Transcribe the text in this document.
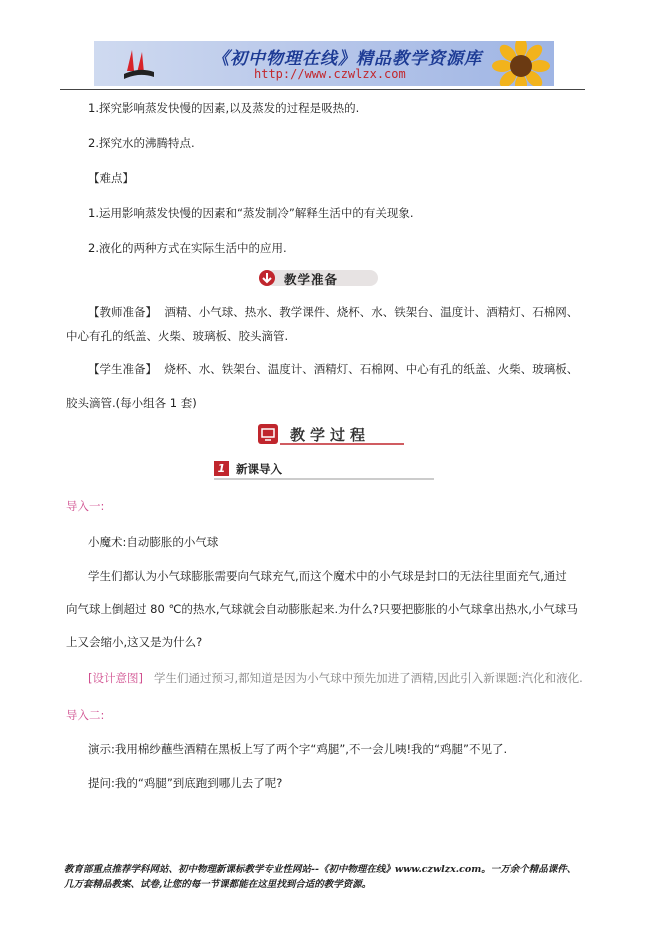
《初中物理在线》精品教学资源库
http://www.czwlzx.com
1.探究影响蒸发快慢的因素,以及蒸发的过程是吸热的.
2.探究水的沸腾特点.
【难点】
1.运用影响蒸发快慢的因素和“蒸发制冷”解释生活中的有关现象.
2.液化的两种方式在实际生活中的应用.
教学准备
【教师准备】 酒精、小气球、热水、教学课件、烧杯、水、铁架台、温度计、酒精灯、石棉网、
中心有孔的纸盖、火柴、玻璃板、胶头滴管.
【学生准备】 烧杯、水、铁架台、温度计、酒精灯、石棉网、中心有孔的纸盖、火柴、玻璃板、
胶头滴管.(每小组各 1 套)
教学过程
1 新课导入
导入一:
小魔术:自动膨胀的小气球
学生们都认为小气球膨胀需要向气球充气,而这个魔术中的小气球是封口的无法往里面充气,通过
向气球上倒超过 80 ℃的热水,气球就会自动膨胀起来.为什么?只要把膨胀的小气球拿出热水,小气球马
上又会缩小,这又是为什么?
[设计意图] 学生们通过预习,都知道是因为小气球中预先加进了酒精,因此引入新课题:汽化和液化.
导入二:
演示:我用棉纱蘸些酒精在黑板上写了两个字“鸡腿”,不一会儿咦!我的“鸡腿”不见了.
提问:我的“鸡腿”到底跑到哪儿去了呢?
教育部重点推荐学科网站、初中物理新课标教学专业性网站--《初中物理在线》www.czwlzx.com。一万余个精品课件、
几万套精品教案、试卷,让您的每一节课都能在这里找到合适的教学资源。
